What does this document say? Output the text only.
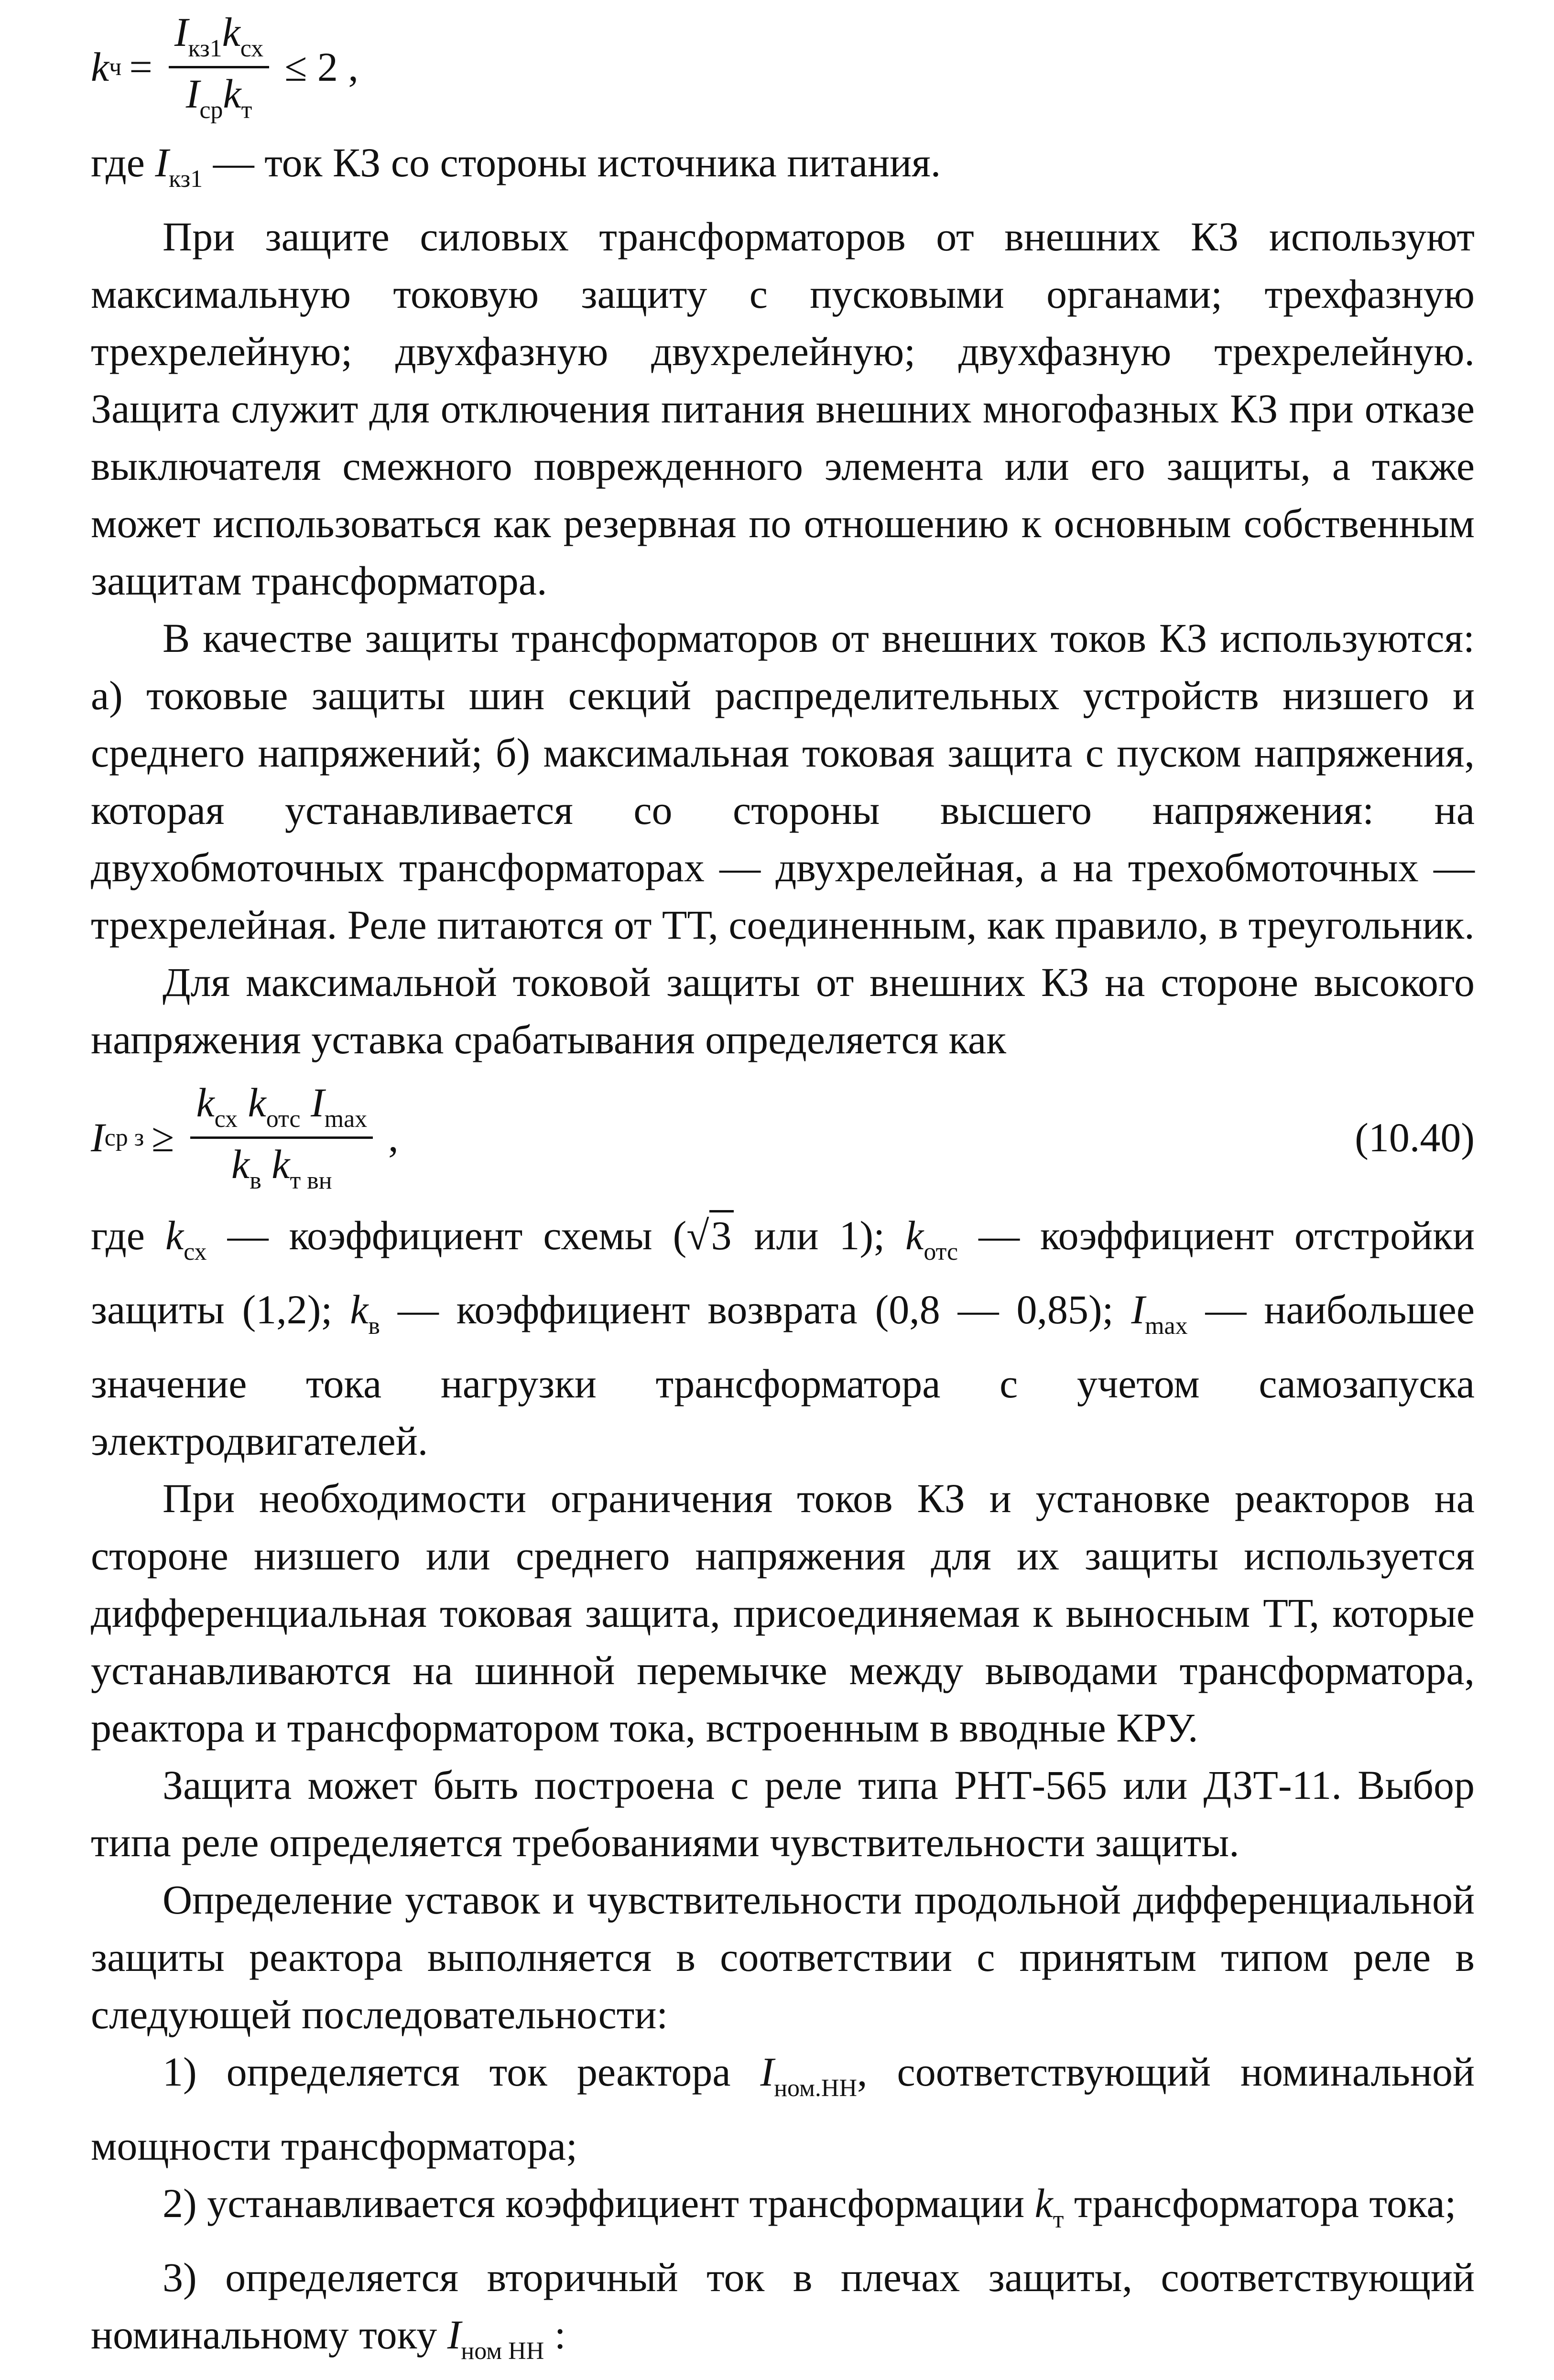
k ч =
$I_{кз1}k_{сх}$
$I_{ср}k_т$
≤ 2 ,

где $I_{кз1}$ — ток КЗ со стороны источника питания.

При защите силовых трансформаторов от внешних КЗ используют максимальную токовую защиту с пусковыми органами; трехфазную трехрелейную; двухфазную двухрелейную; двухфазную трехрелейную. Защита служит для отключения питания внешних многофазных КЗ при отказе выключателя смежного поврежденного элемента или его защиты, а также может использоваться как резервная по отношению к основным собственным защитам трансформатора.

В качестве защиты трансформаторов от внешних токов КЗ используются: а) токовые защиты шин секций распределительных устройств низшего и среднего напряжений; б) максимальная токовая защита с пуском напряжения, которая устанавливается со стороны высшего напряжения: на двухобмоточных трансформаторах — двухрелейная, а на трехобмоточных — трехрелейная. Реле питаются от ТТ, соединенным, как правило, в треугольник.

Для максимальной токовой защиты от внешних КЗ на стороне высокого напряжения уставка срабатывания определяется как

I ср з ≥
$k_{сх}$ $k_{отс}$ $I_{max}$
$k_в$ $k_{т вн}$
,	(10.40)

где $k_{сх}$ — коэффициент схемы (√3 или 1); $k_{отс}$ — коэффициент отстройки защиты (1,2); $k_в$ — коэффициент возврата (0,8 — 0,85); $I_{max}$ — наибольшее значение тока нагрузки трансформатора с учетом самозапуска электродвигателей.

При необходимости ограничения токов КЗ и установке реакторов на стороне низшего или среднего напряжения для их защиты используется дифференциальная токовая защита, присоединяемая к выносным ТТ, которые устанавливаются на шинной перемычке между выводами трансформатора, реактора и трансформатором тока, встроенным в вводные КРУ.

Защита может быть построена с реле типа РНТ-565 или ДЗТ-11. Выбор типа реле определяется требованиями чувствительности защиты.

Определение уставок и чувствительности продольной дифференциальной защиты реактора выполняется в соответствии с принятым типом реле в следующей последовательности:

1) определяется ток реактора $I_{ном.НН}$, соответствующий номинальной мощности трансформатора;

2) устанавливается коэффициент трансформации $k_т$ трансформатора тока;

3) определяется вторичный ток в плечах защиты, соответствующий номинальному току $I_{ном НН}$ :
